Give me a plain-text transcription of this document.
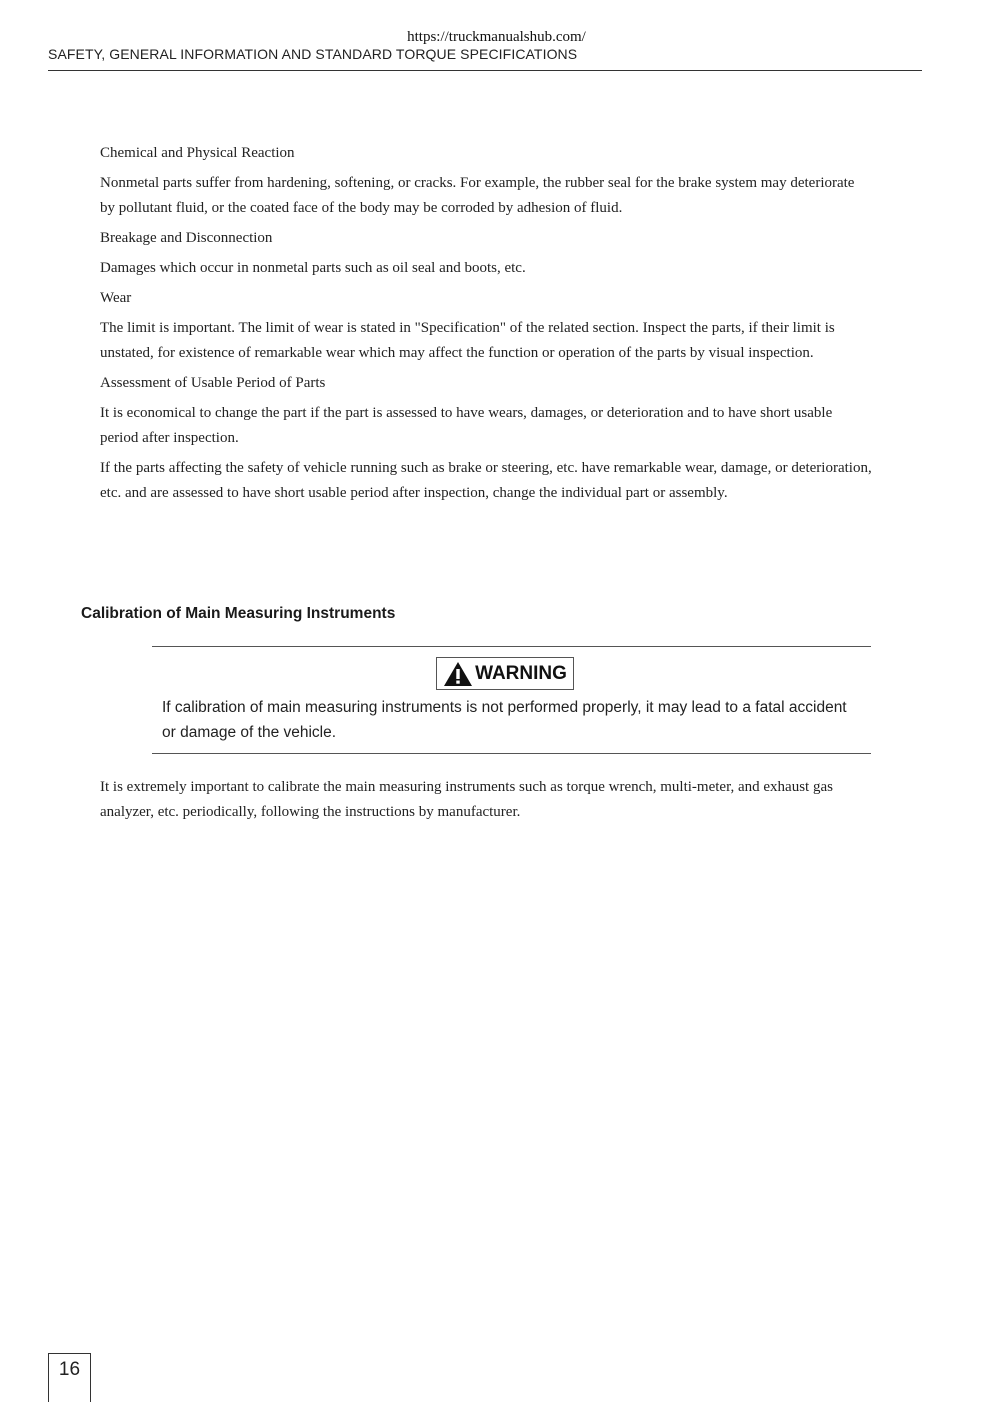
https://truckmanualshub.com/
SAFETY, GENERAL INFORMATION AND STANDARD TORQUE SPECIFICATIONS

Chemical and Physical Reaction

Nonmetal parts suffer from hardening, softening, or cracks. For example, the rubber seal for the brake system may deteriorate by pollutant fluid, or the coated face of the body may be corroded by adhesion of fluid.

Breakage and Disconnection

Damages which occur in nonmetal parts such as oil seal and boots, etc.

Wear

The limit is important. The limit of wear is stated in "Specification" of the related section. Inspect the parts, if their limit is unstated, for existence of remarkable wear which may affect the function or operation of the parts by visual inspection.

Assessment of Usable Period of Parts

It is economical to change the part if the part is assessed to have wears, damages, or deterioration and to have short usable period after inspection.

If the parts affecting the safety of vehicle running such as brake or steering, etc. have remarkable wear, damage, or deterioration, etc. and are assessed to have short usable period after inspection, change the individual part or assembly.

Calibration of Main Measuring Instruments
WARNING

If calibration of main measuring instruments is not performed properly, it may lead to a fatal accident or damage of the vehicle.

It is extremely important to calibrate the main measuring instruments such as torque wrench, multi-meter, and exhaust gas analyzer, etc. periodically, following the instructions by manufacturer.

16
